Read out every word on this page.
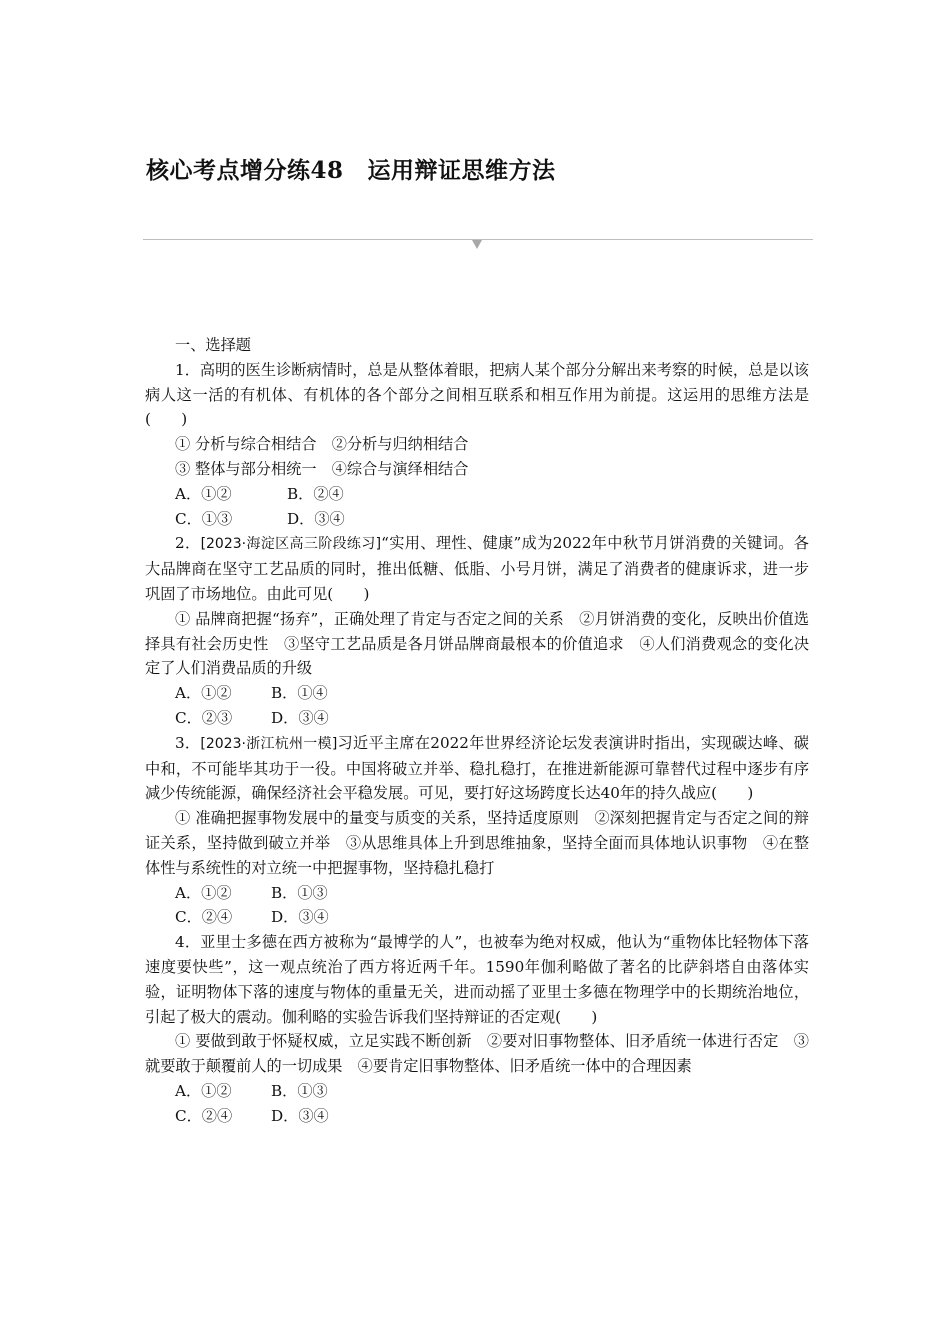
核心考点增分练48 运用辩证思维方法

一、选择题

1．高明的医生诊断病情时，总是从整体着眼，把病人某个部分分解出来考察的时候，总是以该病人这一活的有机体、有机体的各个部分之间相互联系和相互作用为前提。这运用的思维方法是(　　)

① 分析与综合相结合　②分析与归纳相结合

③ 整体与部分相统一　④综合与演绎相结合

A．①②	B．②④

C．①③	D．③④

2．[2023·海淀区高三阶段练习]“实用、理性、健康”成为2022年中秋节月饼消费的关键词。各大品牌商在坚守工艺品质的同时，推出低糖、低脂、小号月饼，满足了消费者的健康诉求，进一步巩固了市场地位。由此可见(　　)

① 品牌商把握“扬弃”，正确处理了肯定与否定之间的关系　②月饼消费的变化，反映出价值选择具有社会历史性　③坚守工艺品质是各月饼品牌商最根本的价值追求　④人们消费观念的变化决定了人们消费品质的升级

A．①②	B．①④

C．②③	D．③④

3．[2023·浙江杭州一模]习近平主席在2022年世界经济论坛发表演讲时指出，实现碳达峰、碳中和，不可能毕其功于一役。中国将破立并举、稳扎稳打，在推进新能源可靠替代过程中逐步有序减少传统能源，确保经济社会平稳发展。可见，要打好这场跨度长达40年的持久战应(　　)

① 准确把握事物发展中的量变与质变的关系，坚持适度原则　②深刻把握肯定与否定之间的辩证关系，坚持做到破立并举　③从思维具体上升到思维抽象，坚持全面而具体地认识事物　④在整体性与系统性的对立统一中把握事物，坚持稳扎稳打

A．①②	B．①③

C．②④	D．③④

4．亚里士多德在西方被称为“最博学的人”，也被奉为绝对权威，他认为“重物体比轻物体下落速度要快些”，这一观点统治了西方将近两千年。1590年伽利略做了著名的比萨斜塔自由落体实验，证明物体下落的速度与物体的重量无关，进而动摇了亚里士多德在物理学中的长期统治地位，引起了极大的震动。伽利略的实验告诉我们坚持辩证的否定观(　　)

① 要做到敢于怀疑权威，立足实践不断创新　②要对旧事物整体、旧矛盾统一体进行否定　③就要敢于颠覆前人的一切成果　④要肯定旧事物整体、旧矛盾统一体中的合理因素

A．①②	B．①③

C．②④	D．③④
